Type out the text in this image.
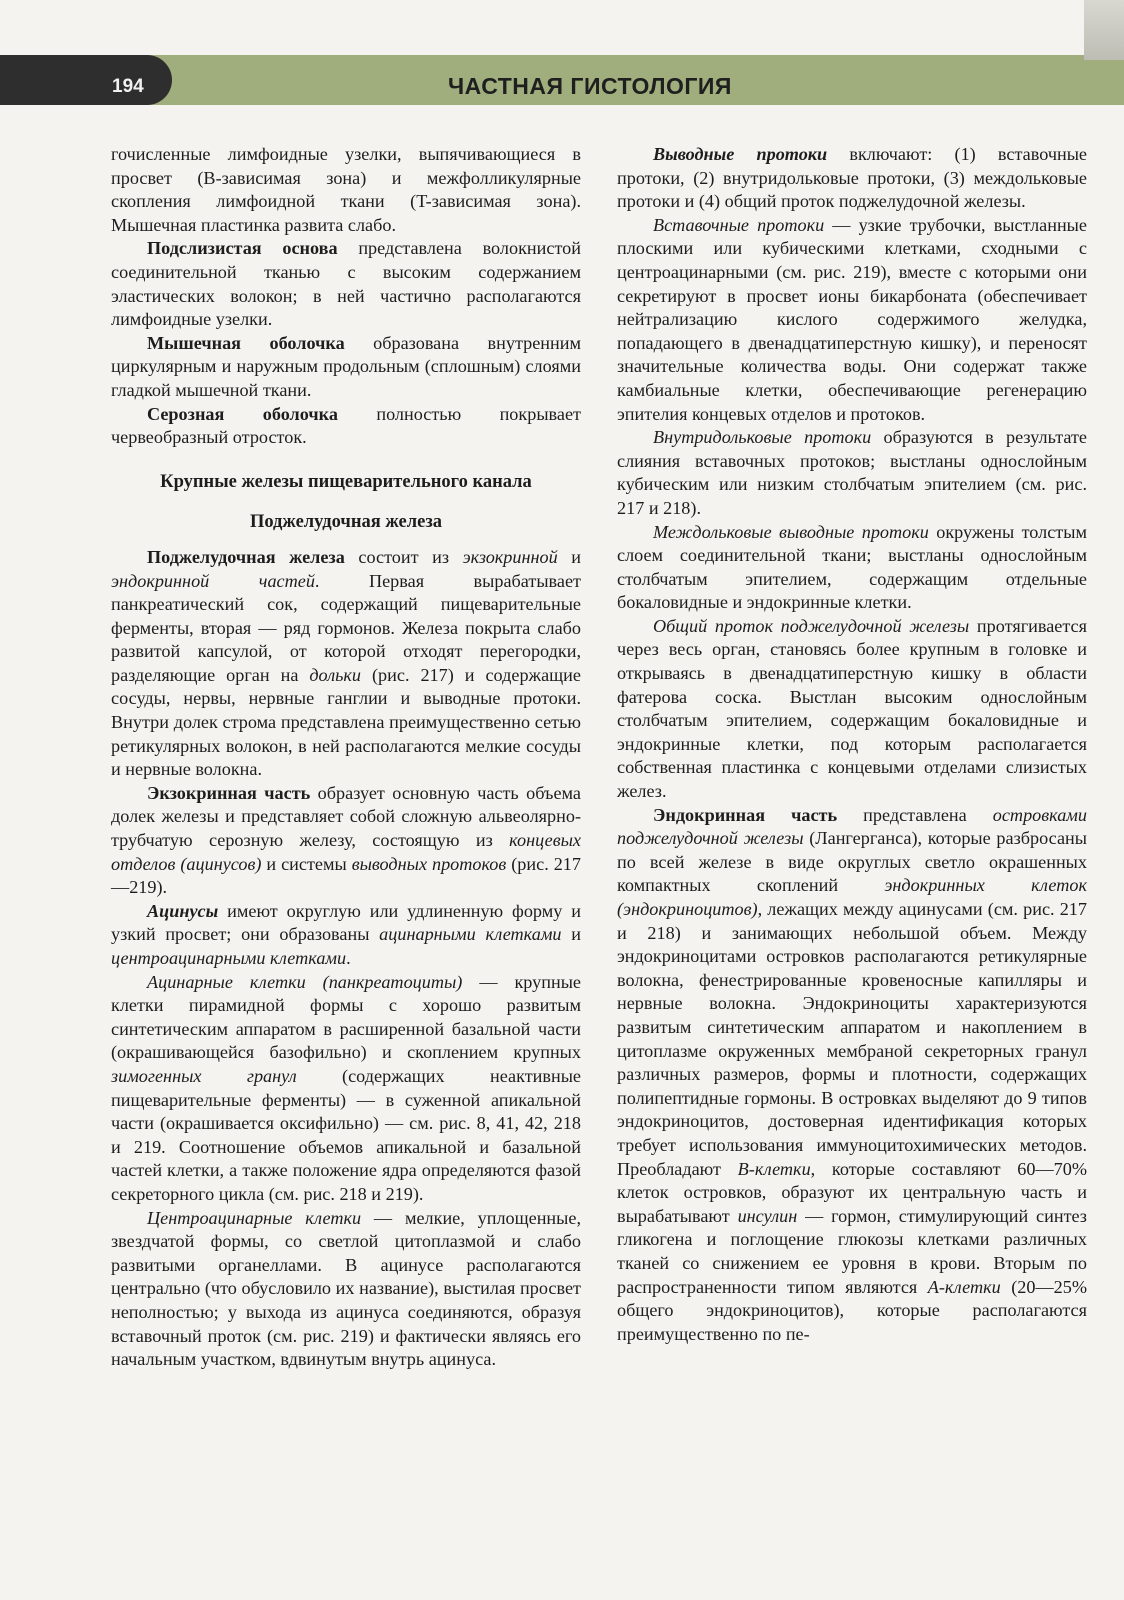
194	ЧАСТНАЯ ГИСТОЛОГИЯ

гочисленные лимфоидные узелки, выпячивающиеся в просвет (B-зависимая зона) и межфолликулярные скопления лимфоидной ткани (T-зависимая зона). Мышечная пластинка развита слабо.

Подслизистая основа представлена волокнистой соединительной тканью с высоким содержанием эластических волокон; в ней частично располагаются лимфоидные узелки.

Мышечная оболочка образована внутренним циркулярным и наружным продольным (сплошным) слоями гладкой мышечной ткани.

Серозная оболочка полностью покрывает червеобразный отросток.

Крупные железы пищеварительного канала
Поджелудочная железа

Поджелудочная железа состоит из экзокринной и эндокринной частей. Первая вырабатывает панкреатический сок, содержащий пищеварительные ферменты, вторая — ряд гормонов. Железа покрыта слабо развитой капсулой, от которой отходят перегородки, разделяющие орган на дольки (рис. 217) и содержащие сосуды, нервы, нервные ганглии и выводные протоки. Внутри долек строма представлена преимущественно сетью ретикулярных волокон, в ней располагаются мелкие сосуды и нервные волокна.

Экзокринная часть образует основную часть объема долек железы и представляет собой сложную альвеолярно-трубчатую серозную железу, состоящую из концевых отделов (ацинусов) и системы выводных протоков (рис. 217—219).

Ацинусы имеют округлую или удлиненную форму и узкий просвет; они образованы ацинарными клетками и центроацинарными клетками.

Ацинарные клетки (панкреатоциты) — крупные клетки пирамидной формы с хорошо развитым синтетическим аппаратом в расширенной базальной части (окрашивающейся базофильно) и скоплением крупных зимогенных гранул (содержащих неактивные пищеварительные ферменты) — в суженной апикальной части (окрашивается оксифильно) — см. рис. 8, 41, 42, 218 и 219. Соотношение объемов апикальной и базальной частей клетки, а также положение ядра определяются фазой секреторного цикла (см. рис. 218 и 219).

Центроацинарные клетки — мелкие, уплощенные, звездчатой формы, со светлой цитоплазмой и слабо развитыми органеллами. В ацинусе располагаются центрально (что обусловило их название), выстилая просвет неполностью; у выхода из ацинуса соединяются, образуя вставочный проток (см. рис. 219) и фактически являясь его начальным участком, вдвинутым внутрь ацинуса.

Выводные протоки включают: (1) вставочные протоки, (2) внутридольковые протоки, (3) междольковые протоки и (4) общий проток поджелудочной железы.

Вставочные протоки — узкие трубочки, выстланные плоскими или кубическими клетками, сходными с центроацинарными (см. рис. 219), вместе с которыми они секретируют в просвет ионы бикарбоната (обеспечивает нейтрализацию кислого содержимого желудка, попадающего в двенадцатиперстную кишку), и переносят значительные количества воды. Они содержат также камбиальные клетки, обеспечивающие регенерацию эпителия концевых отделов и протоков.

Внутридольковые протоки образуются в результате слияния вставочных протоков; выстланы однослойным кубическим или низким столбчатым эпителием (см. рис. 217 и 218).

Междольковые выводные протоки окружены толстым слоем соединительной ткани; выстланы однослойным столбчатым эпителием, содержащим отдельные бокаловидные и эндокринные клетки.

Общий проток поджелудочной железы протягивается через весь орган, становясь более крупным в головке и открываясь в двенадцатиперстную кишку в области фатерова соска. Выстлан высоким однослойным столбчатым эпителием, содержащим бокаловидные и эндокринные клетки, под которым располагается собственная пластинка с концевыми отделами слизистых желез.

Эндокринная часть представлена островками поджелудочной железы (Лангерганса), которые разбросаны по всей железе в виде округлых светло окрашенных компактных скоплений эндокринных клеток (эндокриноцитов), лежащих между ацинусами (см. рис. 217 и 218) и занимающих небольшой объем. Между эндокриноцитами островков располагаются ретикулярные волокна, фенестрированные кровеносные капилляры и нервные волокна. Эндокриноциты характеризуются развитым синтетическим аппаратом и накоплением в цитоплазме окруженных мембраной секреторных гранул различных размеров, формы и плотности, содержащих полипептидные гормоны. В островках выделяют до 9 типов эндокриноцитов, достоверная идентификация которых требует использования иммуноцитохимических методов. Преобладают B-клетки, которые составляют 60—70% клеток островков, образуют их центральную часть и вырабатывают инсулин — гормон, стимулирующий синтез гликогена и поглощение глюкозы клетками различных тканей со снижением ее уровня в крови. Вторым по распространенности типом являются A-клетки (20—25% общего эндокриноцитов), которые располагаются преимущественно по пе-
